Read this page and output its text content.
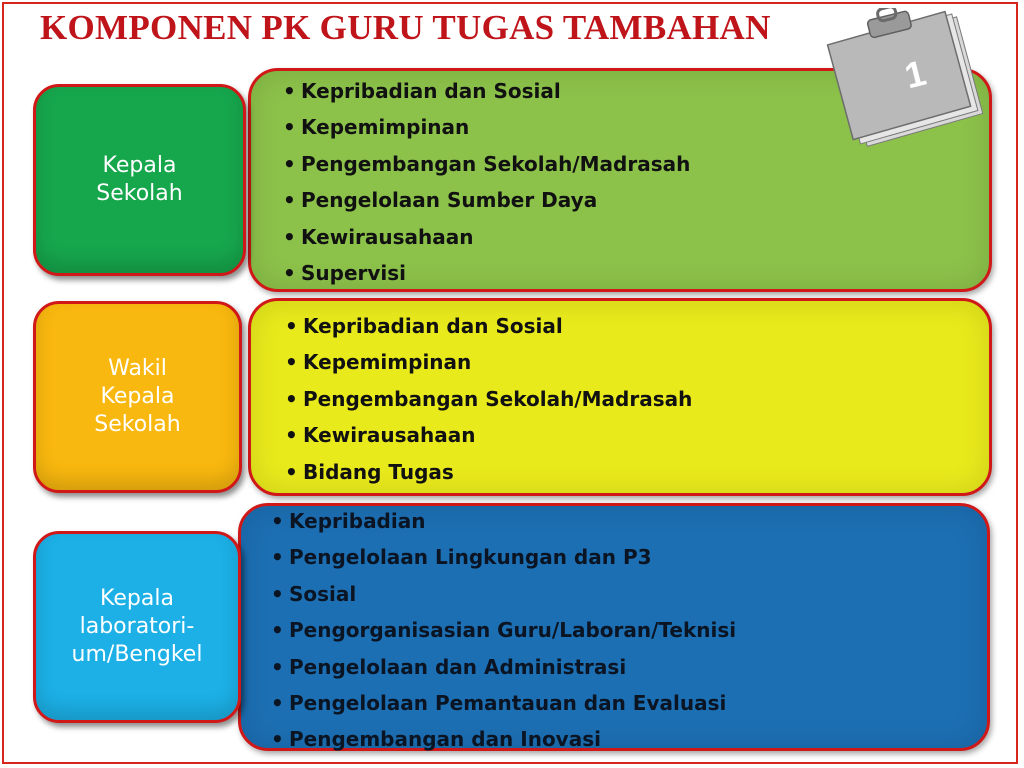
KOMPONEN PK GURU TUGAS TAMBAHAN
• Kepribadian dan Sosial
• Kepemimpinan
• Pengembangan Sekolah/Madrasah
• Pengelolaan Sumber Daya
• Kewirausahaan
• Supervisi
Kepala
Sekolah
• Kepribadian dan Sosial
• Kepemimpinan
• Pengembangan Sekolah/Madrasah
• Kewirausahaan
• Bidang Tugas
Wakil
Kepala
Sekolah
• Kepribadian
• Pengelolaan Lingkungan dan P3
• Sosial
• Pengorganisasian Guru/Laboran/Teknisi
• Pengelolaan dan Administrasi
• Pengelolaan Pemantauan dan Evaluasi
• Pengembangan dan Inovasi
Kepala
laboratori-
um/Bengkel
1
